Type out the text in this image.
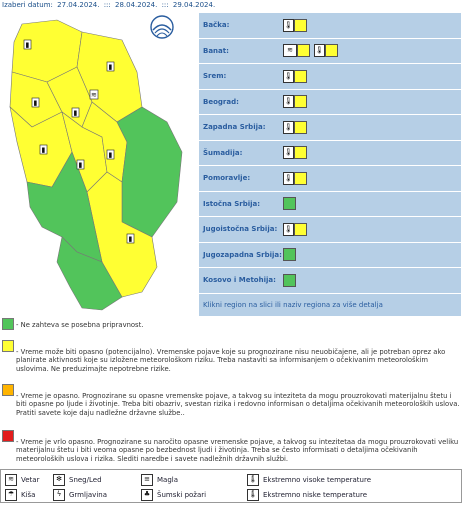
Izaberi datum: 27.04.2024. ::: 28.04.2024. ::: 29.04.2024.
▮
▮
≋
▮
▮
▮
▮
▮
▮
Bačka:	🌡
Banat:	≋	🌡
Srem:	🌡
Beograd:	🌡
Zapadna Srbija:	🌡
Šumadija:	🌡
Pomoravlje:	🌡
Istočna Srbija:
Jugoistočna Srbija: 🌡
Jugozapadna Srbija:
Kosovo i Metohija:
Klikni region na slici ili naziv regiona za više detalja
- Ne zahteva se posebna pripravnost.
- Vreme može biti opasno (potencijalno). Vremenske pojave koje su prognozirane nisu neuobičajene, ali je potreban oprez ako planirate aktivnosti koje su izložene meteorološkom riziku. Treba nastaviti sa informisanjem o očekivanim meteorološkim uslovima. Ne preduzimajte nepotrebne rizike.
- Vreme je opasno. Prognozirane su opasne vremenske pojave, a takvog su inteziteta da mogu prouzrokovati materijalnu štetu i biti opasne po ljude i životinje. Treba biti obazriv, svestan rizika i redovno informisan o detaljima očekivanih meteoroloških uslova. Pratiti savete koje daju nadležne državne službe..
- Vreme je vrlo opasno. Prognozirane su naročito opasne vremenske pojave, a takvog su intezitetaa da mogu prouzrokovati veliku materijalnu štetu i biti veoma opasne po bezbednost ljudi i životinja. Treba se često informisati o detaljima očekivanih meteoroloških uslova i rizika. Slediti naredbe i savete nadležnih državnih službi.
≋	Vetar	✻	Sneg/Led	≡	Magla	🌡 Ekstremno visoke temperature
☂ Kiša	ϟ	Grmljavina	♣ Šumski požari	🌡 Ekstremno niske temperature
